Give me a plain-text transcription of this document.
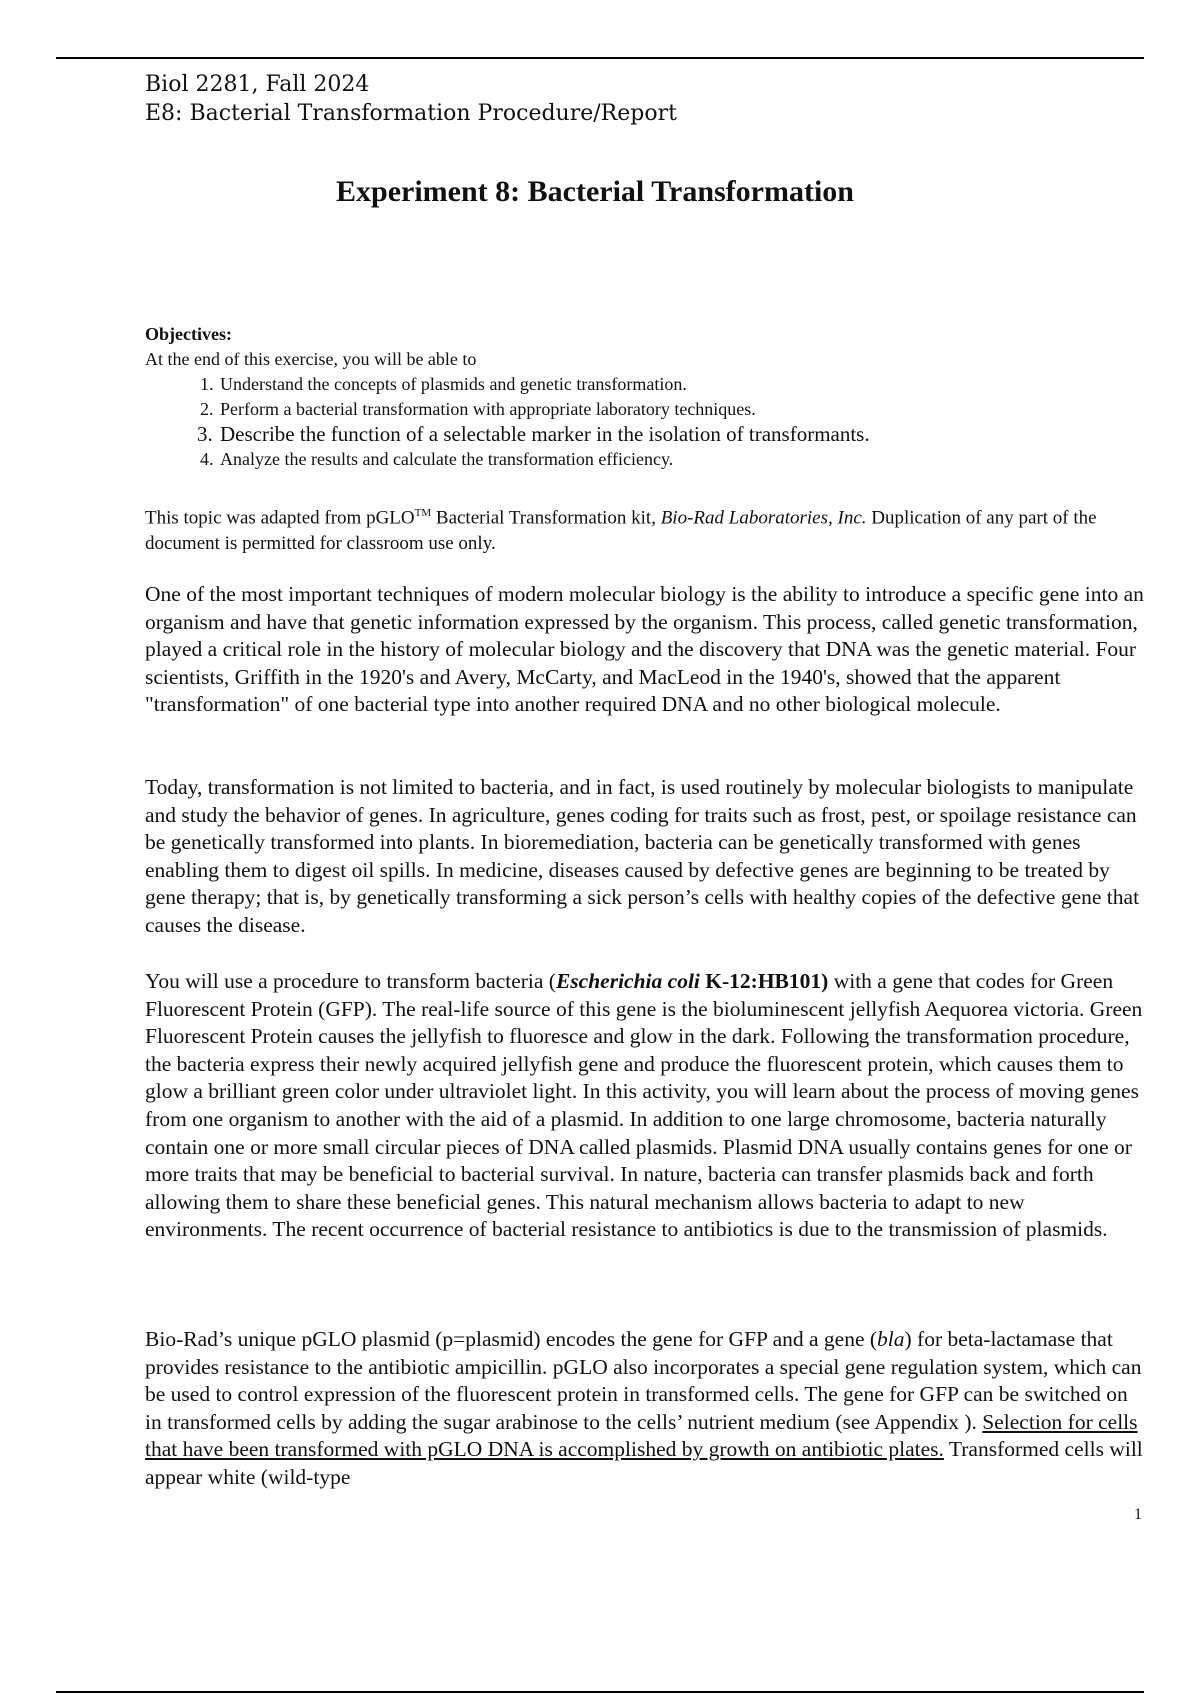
Biol 2281, Fall 2024

E8: Bacterial Transformation Procedure/Report

Experiment 8: Bacterial Transformation

Objectives:

At the end of this exercise, you will be able to

1. Understand the concepts of plasmids and genetic transformation.
2. Perform a bacterial transformation with appropriate laboratory techniques.
3. Describe the function of a selectable marker in the isolation of transformants.
4. Analyze the results and calculate the transformation efficiency.

This topic was adapted from pGLO™ Bacterial Transformation kit, Bio-Rad Laboratories, Inc. Duplication of any part of the document is permitted for classroom use only.

One of the most important techniques of modern molecular biology is the ability to introduce a specific gene into an organism and have that genetic information expressed by the organism. This process, called genetic transformation, played a critical role in the history of molecular biology and the discovery that DNA was the genetic material. Four scientists, Griffith in the 1920's and Avery, McCarty, and MacLeod in the 1940's, showed that the apparent "transformation" of one bacterial type into another required DNA and no other biological molecule.

Today, transformation is not limited to bacteria, and in fact, is used routinely by molecular biologists to manipulate and study the behavior of genes. In agriculture, genes coding for traits such as frost, pest, or spoilage resistance can be genetically transformed into plants. In bioremediation, bacteria can be genetically transformed with genes enabling them to digest oil spills. In medicine, diseases caused by defective genes are beginning to be treated by gene therapy; that is, by genetically transforming a sick person’s cells with healthy copies of the defective gene that causes the disease.

You will use a procedure to transform bacteria (Escherichia coli K-12:HB101) with a gene that codes for Green Fluorescent Protein (GFP). The real-life source of this gene is the bioluminescent jellyfish Aequorea victoria. Green Fluorescent Protein causes the jellyfish to fluoresce and glow in the dark. Following the transformation procedure, the bacteria express their newly acquired jellyfish gene and produce the fluorescent protein, which causes them to glow a brilliant green color under ultraviolet light. In this activity, you will learn about the process of moving genes from one organism to another with the aid of a plasmid. In addition to one large chromosome, bacteria naturally contain one or more small circular pieces of DNA called plasmids. Plasmid DNA usually contains genes for one or more traits that may be beneficial to bacterial survival. In nature, bacteria can transfer plasmids back and forth allowing them to share these beneficial genes. This natural mechanism allows bacteria to adapt to new environments. The recent occurrence of bacterial resistance to antibiotics is due to the transmission of plasmids.

Bio-Rad’s unique pGLO plasmid (p=plasmid) encodes the gene for GFP and a gene (bla) for beta-lactamase that provides resistance to the antibiotic ampicillin. pGLO also incorporates a special gene regulation system, which can be used to control expression of the fluorescent protein in transformed cells. The gene for GFP can be switched on in transformed cells by adding the sugar arabinose to the cells’ nutrient medium (see Appendix ). Selection for cells that have been transformed with pGLO DNA is accomplished by growth on antibiotic plates. Transformed cells will appear white (wild-type

1
